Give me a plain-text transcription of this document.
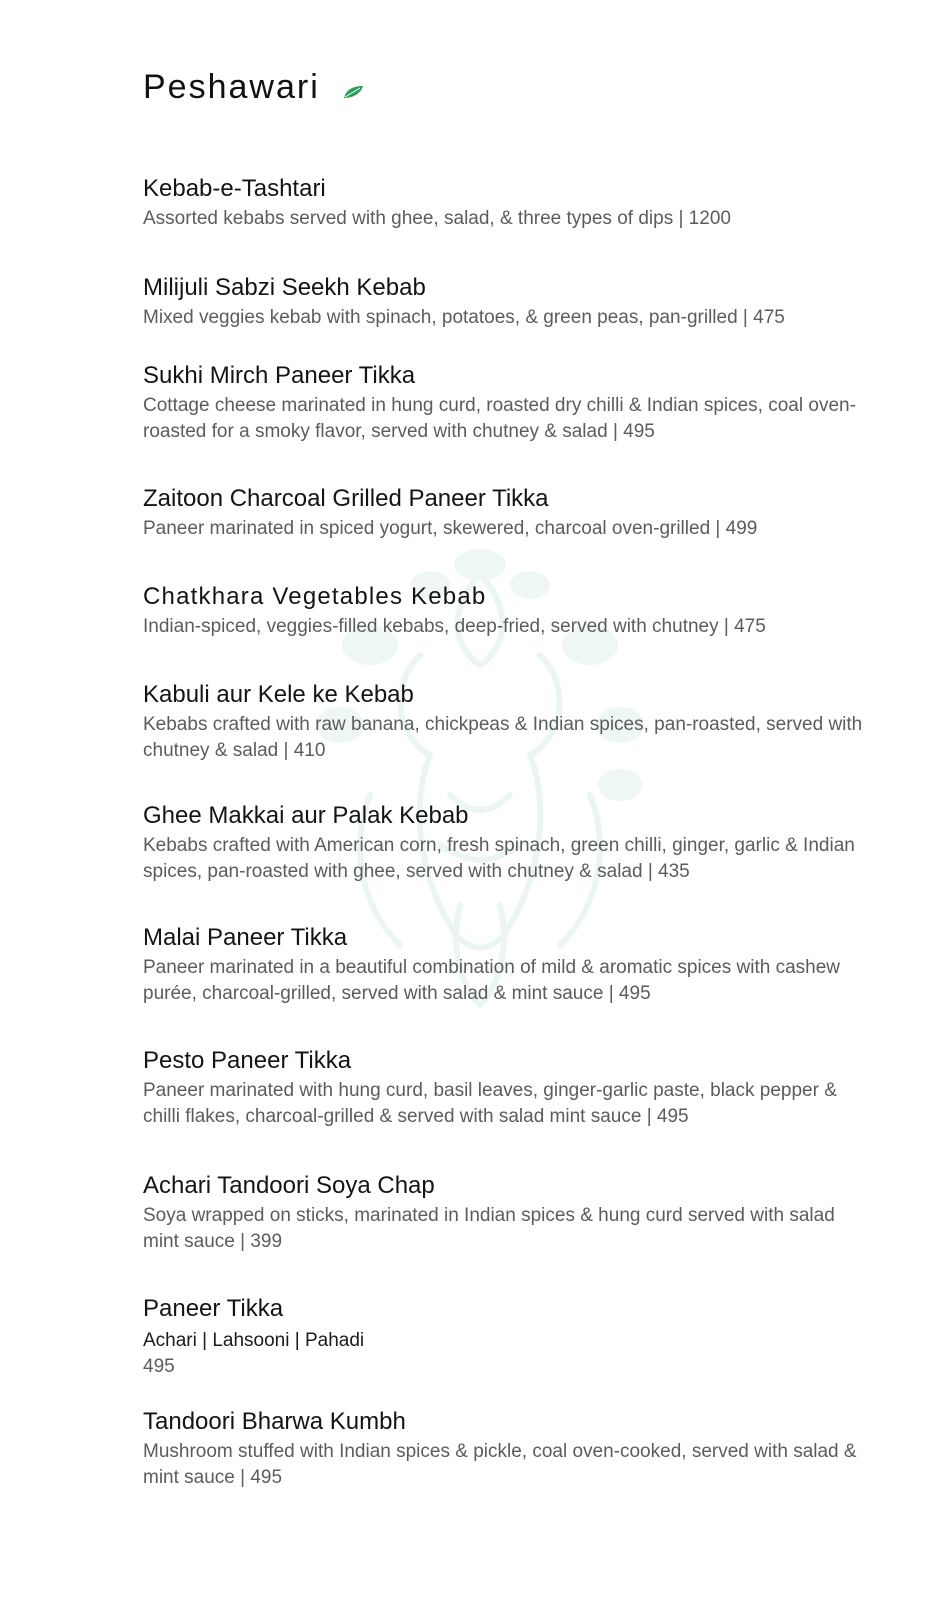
Peshawari

Kebab-e-Tashtari

Assorted kebabs served with ghee, salad, & three types of dips | 1200

Milijuli Sabzi Seekh Kebab

Mixed veggies kebab with spinach, potatoes, & green peas, pan-grilled | 475

Sukhi Mirch Paneer Tikka

Cottage cheese marinated in hung curd, roasted dry chilli & Indian spices, coal oven-roasted for a smoky flavor, served with chutney & salad | 495

Zaitoon Charcoal Grilled Paneer Tikka

Paneer marinated in spiced yogurt, skewered, charcoal oven-grilled | 499

Chatkhara Vegetables Kebab

Indian-spiced, veggies-filled kebabs, deep-fried, served with chutney | 475

Kabuli aur Kele ke Kebab

Kebabs crafted with raw banana, chickpeas & Indian spices, pan-roasted, served with chutney & salad | 410

Ghee Makkai aur Palak Kebab

Kebabs crafted with American corn, fresh spinach, green chilli, ginger, garlic & Indian spices, pan-roasted with ghee, served with chutney & salad | 435

Malai Paneer Tikka

Paneer marinated in a beautiful combination of mild & aromatic spices with cashew purée, charcoal-grilled, served with salad & mint sauce | 495

Pesto Paneer Tikka

Paneer marinated with hung curd, basil leaves, ginger-garlic paste, black pepper & chilli flakes, charcoal-grilled & served with salad mint sauce | 495

Achari Tandoori Soya Chap

Soya wrapped on sticks, marinated in Indian spices & hung curd served with salad mint sauce | 399

Paneer Tikka

Achari | Lahsooni | Pahadi

495

Tandoori Bharwa Kumbh

Mushroom stuffed with Indian spices & pickle, coal oven-cooked, served with salad & mint sauce | 495
